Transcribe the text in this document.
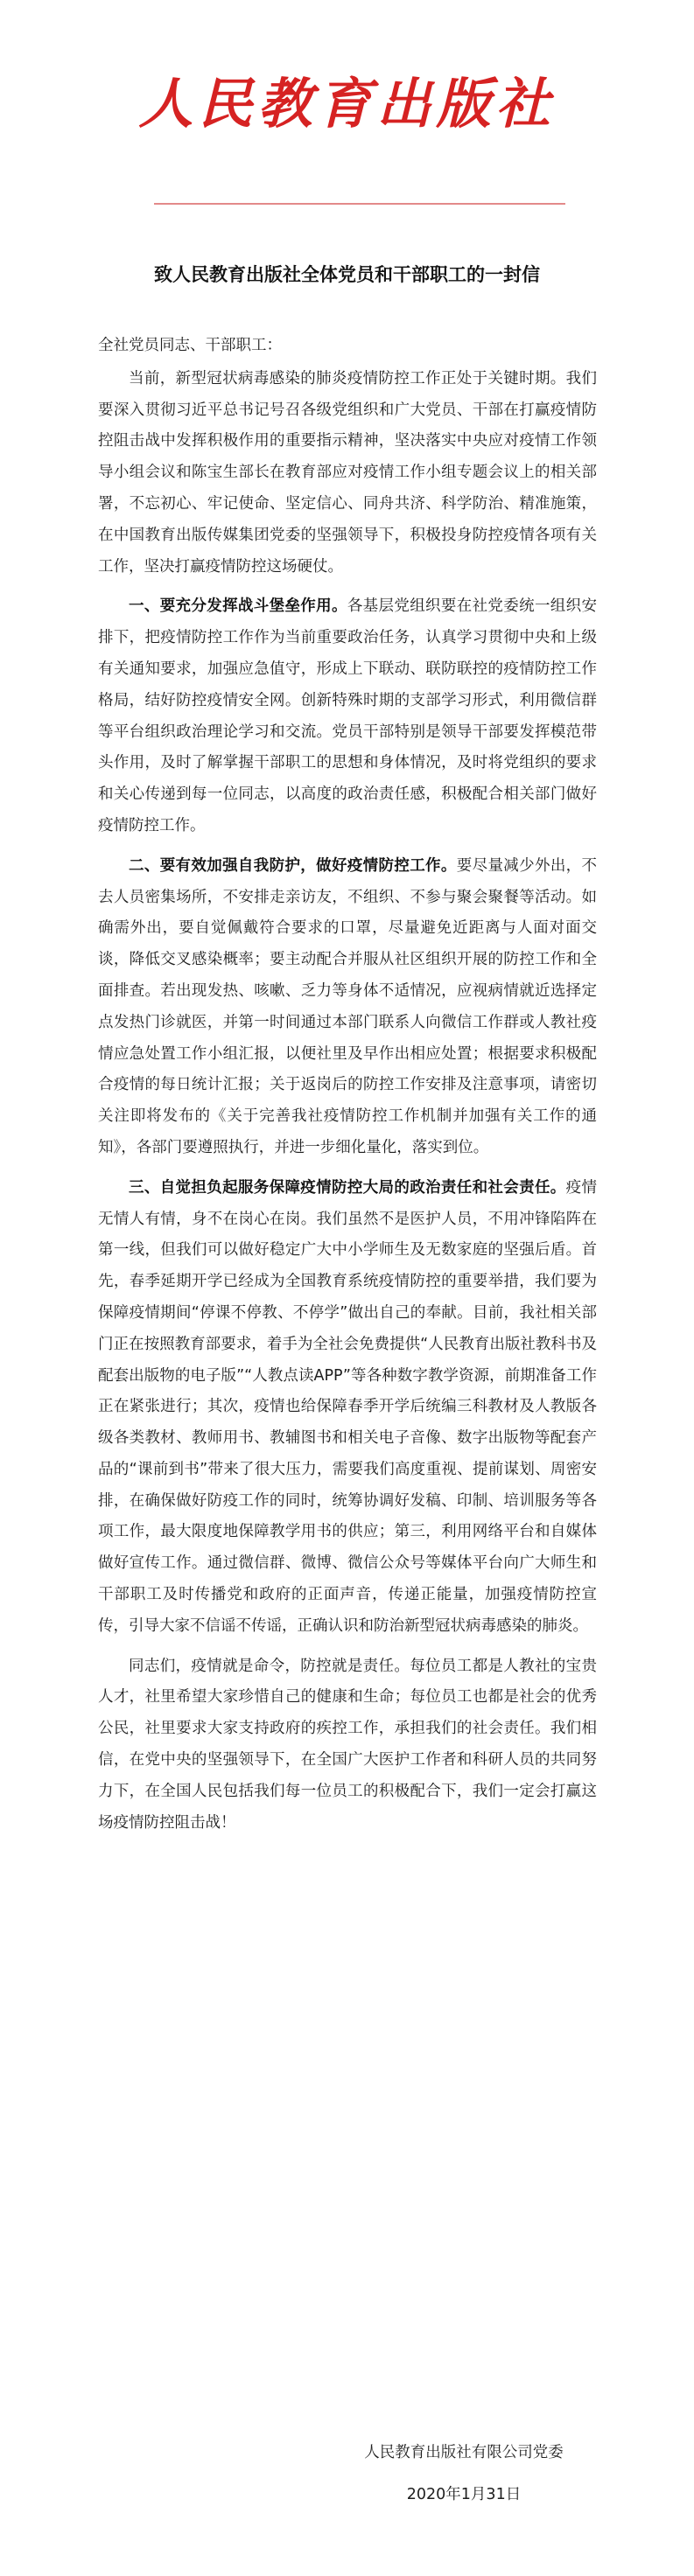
人民教育出版社
致人民教育出版社全体党员和干部职工的一封信

全社党员同志、干部职工：

当前，新型冠状病毒感染的肺炎疫情防控工作正处于关键时期。我们要深入贯彻习近平总书记号召各级党组织和广大党员、干部在打赢疫情防控阻击战中发挥积极作用的重要指示精神，坚决落实中央应对疫情工作领导小组会议和陈宝生部长在教育部应对疫情工作小组专题会议上的相关部署，不忘初心、牢记使命、坚定信心、同舟共济、科学防治、精准施策，在中国教育出版传媒集团党委的坚强领导下，积极投身防控疫情各项有关工作，坚决打赢疫情防控这场硬仗。

一、要充分发挥战斗堡垒作用。各基层党组织要在社党委统一组织安排下，把疫情防控工作作为当前重要政治任务，认真学习贯彻中央和上级有关通知要求，加强应急值守，形成上下联动、联防联控的疫情防控工作格局，结好防控疫情安全网。创新特殊时期的支部学习形式，利用微信群等平台组织政治理论学习和交流。党员干部特别是领导干部要发挥模范带头作用，及时了解掌握干部职工的思想和身体情况，及时将党组织的要求和关心传递到每一位同志，以高度的政治责任感，积极配合相关部门做好疫情防控工作。

二、要有效加强自我防护，做好疫情防控工作。要尽量减少外出，不去人员密集场所，不安排走亲访友，不组织、不参与聚会聚餐等活动。如确需外出，要自觉佩戴符合要求的口罩，尽量避免近距离与人面对面交谈，降低交叉感染概率；要主动配合并服从社区组织开展的防控工作和全面排查。若出现发热、咳嗽、乏力等身体不适情况，应视病情就近选择定点发热门诊就医，并第一时间通过本部门联系人向微信工作群或人教社疫情应急处置工作小组汇报，以便社里及早作出相应处置；根据要求积极配合疫情的每日统计汇报；关于返岗后的防控工作安排及注意事项，请密切关注即将发布的《关于完善我社疫情防控工作机制并加强有关工作的通知》，各部门要遵照执行，并进一步细化量化，落实到位。

三、自觉担负起服务保障疫情防控大局的政治责任和社会责任。疫情无情人有情，身不在岗心在岗。我们虽然不是医护人员，不用冲锋陷阵在第一线，但我们可以做好稳定广大中小学师生及无数家庭的坚强后盾。首先，春季延期开学已经成为全国教育系统疫情防控的重要举措，我们要为保障疫情期间“停课不停教、不停学”做出自己的奉献。目前，我社相关部门正在按照教育部要求，着手为全社会免费提供“人民教育出版社教科书及配套出版物的电子版”“人教点读APP”等各种数字教学资源，前期准备工作正在紧张进行；其次，疫情也给保障春季开学后统编三科教材及人教版各级各类教材、教师用书、教辅图书和相关电子音像、数字出版物等配套产品的“课前到书”带来了很大压力，需要我们高度重视、提前谋划、周密安排，在确保做好防疫工作的同时，统筹协调好发稿、印制、培训服务等各项工作，最大限度地保障教学用书的供应；第三，利用网络平台和自媒体做好宣传工作。通过微信群、微博、微信公众号等媒体平台向广大师生和干部职工及时传播党和政府的正面声音，传递正能量，加强疫情防控宣传，引导大家不信谣不传谣，正确认识和防治新型冠状病毒感染的肺炎。

同志们，疫情就是命令，防控就是责任。每位员工都是人教社的宝贵人才，社里希望大家珍惜自己的健康和生命；每位员工也都是社会的优秀公民，社里要求大家支持政府的疾控工作，承担我们的社会责任。我们相信，在党中央的坚强领导下，在全国广大医护工作者和科研人员的共同努力下，在全国人民包括我们每一位员工的积极配合下，我们一定会打赢这场疫情防控阻击战！

人民教育出版社有限公司党委
2020年1月31日
